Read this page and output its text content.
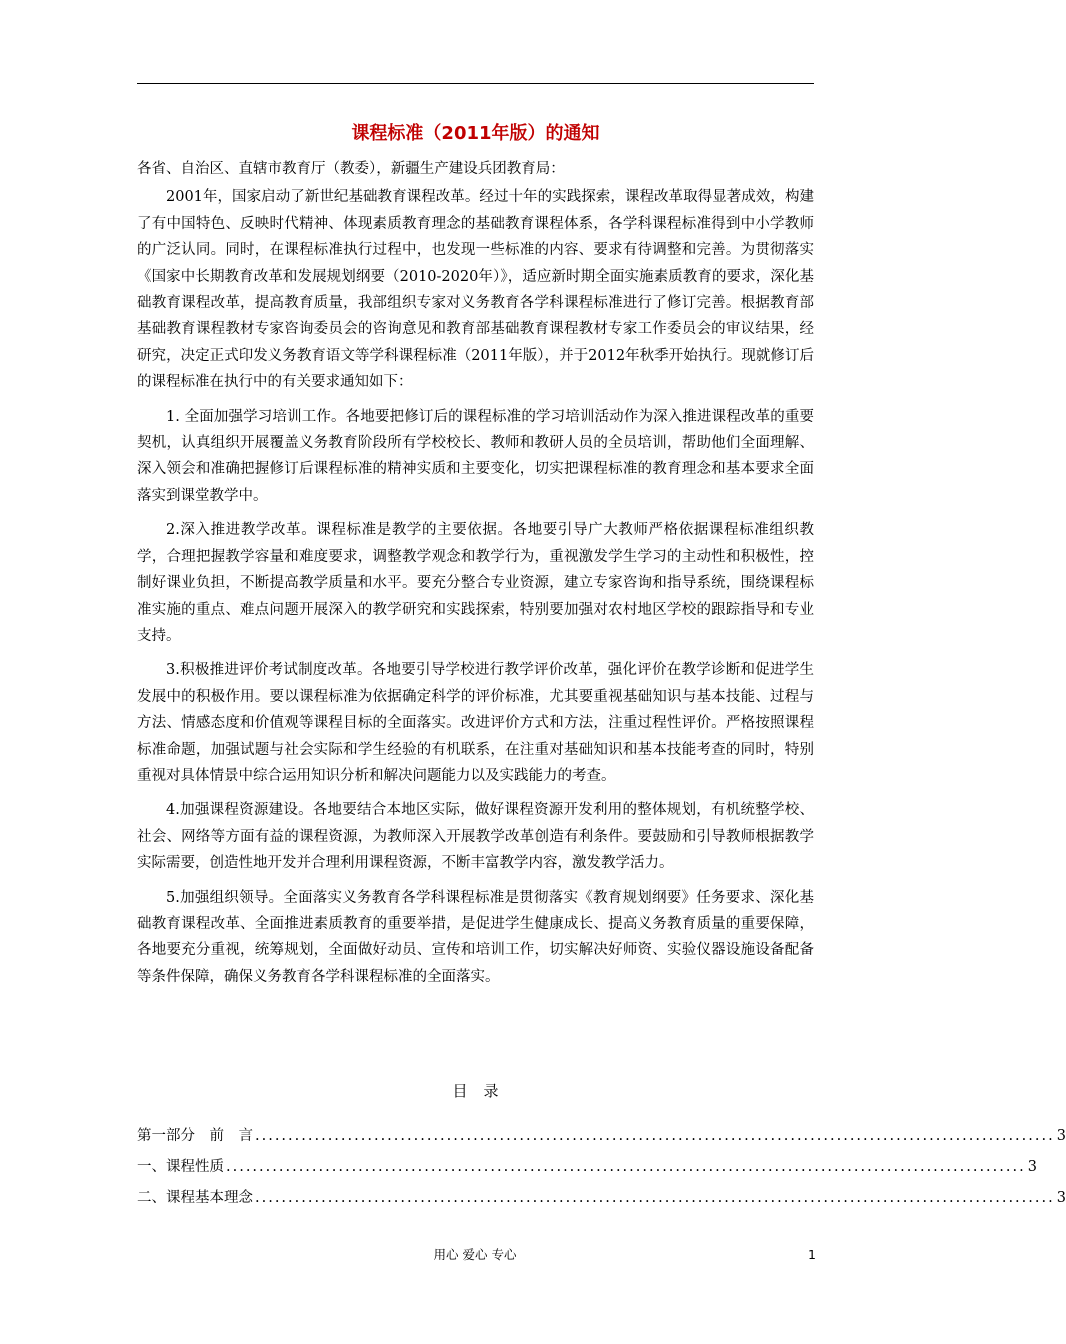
课程标准（2011年版）的通知

各省、自治区、直辖市教育厅（教委），新疆生产建设兵团教育局：

2001年，国家启动了新世纪基础教育课程改革。经过十年的实践探索，课程改革取得显著成效，构建了有中国特色、反映时代精神、体现素质教育理念的基础教育课程体系，各学科课程标准得到中小学教师的广泛认同。同时，在课程标准执行过程中，也发现一些标准的内容、要求有待调整和完善。为贯彻落实《国家中长期教育改革和发展规划纲要（2010-2020年）》，适应新时期全面实施素质教育的要求，深化基础教育课程改革，提高教育质量，我部组织专家对义务教育各学科课程标准进行了修订完善。根据教育部基础教育课程教材专家咨询委员会的咨询意见和教育部基础教育课程教材专家工作委员会的审议结果，经研究，决定正式印发义务教育语文等学科课程标准（2011年版），并于2012年秋季开始执行。现就修订后的课程标准在执行中的有关要求通知如下：

1. 全面加强学习培训工作。各地要把修订后的课程标准的学习培训活动作为深入推进课程改革的重要契机，认真组织开展覆盖义务教育阶段所有学校校长、教师和教研人员的全员培训，帮助他们全面理解、深入领会和准确把握修订后课程标准的精神实质和主要变化，切实把课程标准的教育理念和基本要求全面落实到课堂教学中。

2.深入推进教学改革。课程标准是教学的主要依据。各地要引导广大教师严格依据课程标准组织教学，合理把握教学容量和难度要求，调整教学观念和教学行为，重视激发学生学习的主动性和积极性，控制好课业负担，不断提高教学质量和水平。要充分整合专业资源，建立专家咨询和指导系统，围绕课程标准实施的重点、难点问题开展深入的教学研究和实践探索，特别要加强对农村地区学校的跟踪指导和专业支持。

3.积极推进评价考试制度改革。各地要引导学校进行教学评价改革，强化评价在教学诊断和促进学生发展中的积极作用。要以课程标准为依据确定科学的评价标准，尤其要重视基础知识与基本技能、过程与方法、情感态度和价值观等课程目标的全面落实。改进评价方式和方法，注重过程性评价。严格按照课程标准命题，加强试题与社会实际和学生经验的有机联系，在注重对基础知识和基本技能考查的同时，特别重视对具体情景中综合运用知识分析和解决问题能力以及实践能力的考查。

4.加强课程资源建设。各地要结合本地区实际，做好课程资源开发利用的整体规划，有机统整学校、社会、网络等方面有益的课程资源，为教师深入开展教学改革创造有利条件。要鼓励和引导教师根据教学实际需要，创造性地开发并合理利用课程资源，不断丰富教学内容，激发教学活力。

5.加强组织领导。全面落实义务教育各学科课程标准是贯彻落实《教育规划纲要》任务要求、深化基础教育课程改革、全面推进素质教育的重要举措，是促进学生健康成长、提高义务教育质量的重要保障，各地要充分重视，统筹规划，全面做好动员、宣传和培训工作，切实解决好师资、实验仪器设施设备配备等条件保障，确保义务教育各学科课程标准的全面落实。

目录
第一部分　前　言 ......................................................................................................................... 3
一、课程性质 ......................................................................................................................... 3
二、课程基本理念 ......................................................................................................................... 3
用心 爱心 专心	1
